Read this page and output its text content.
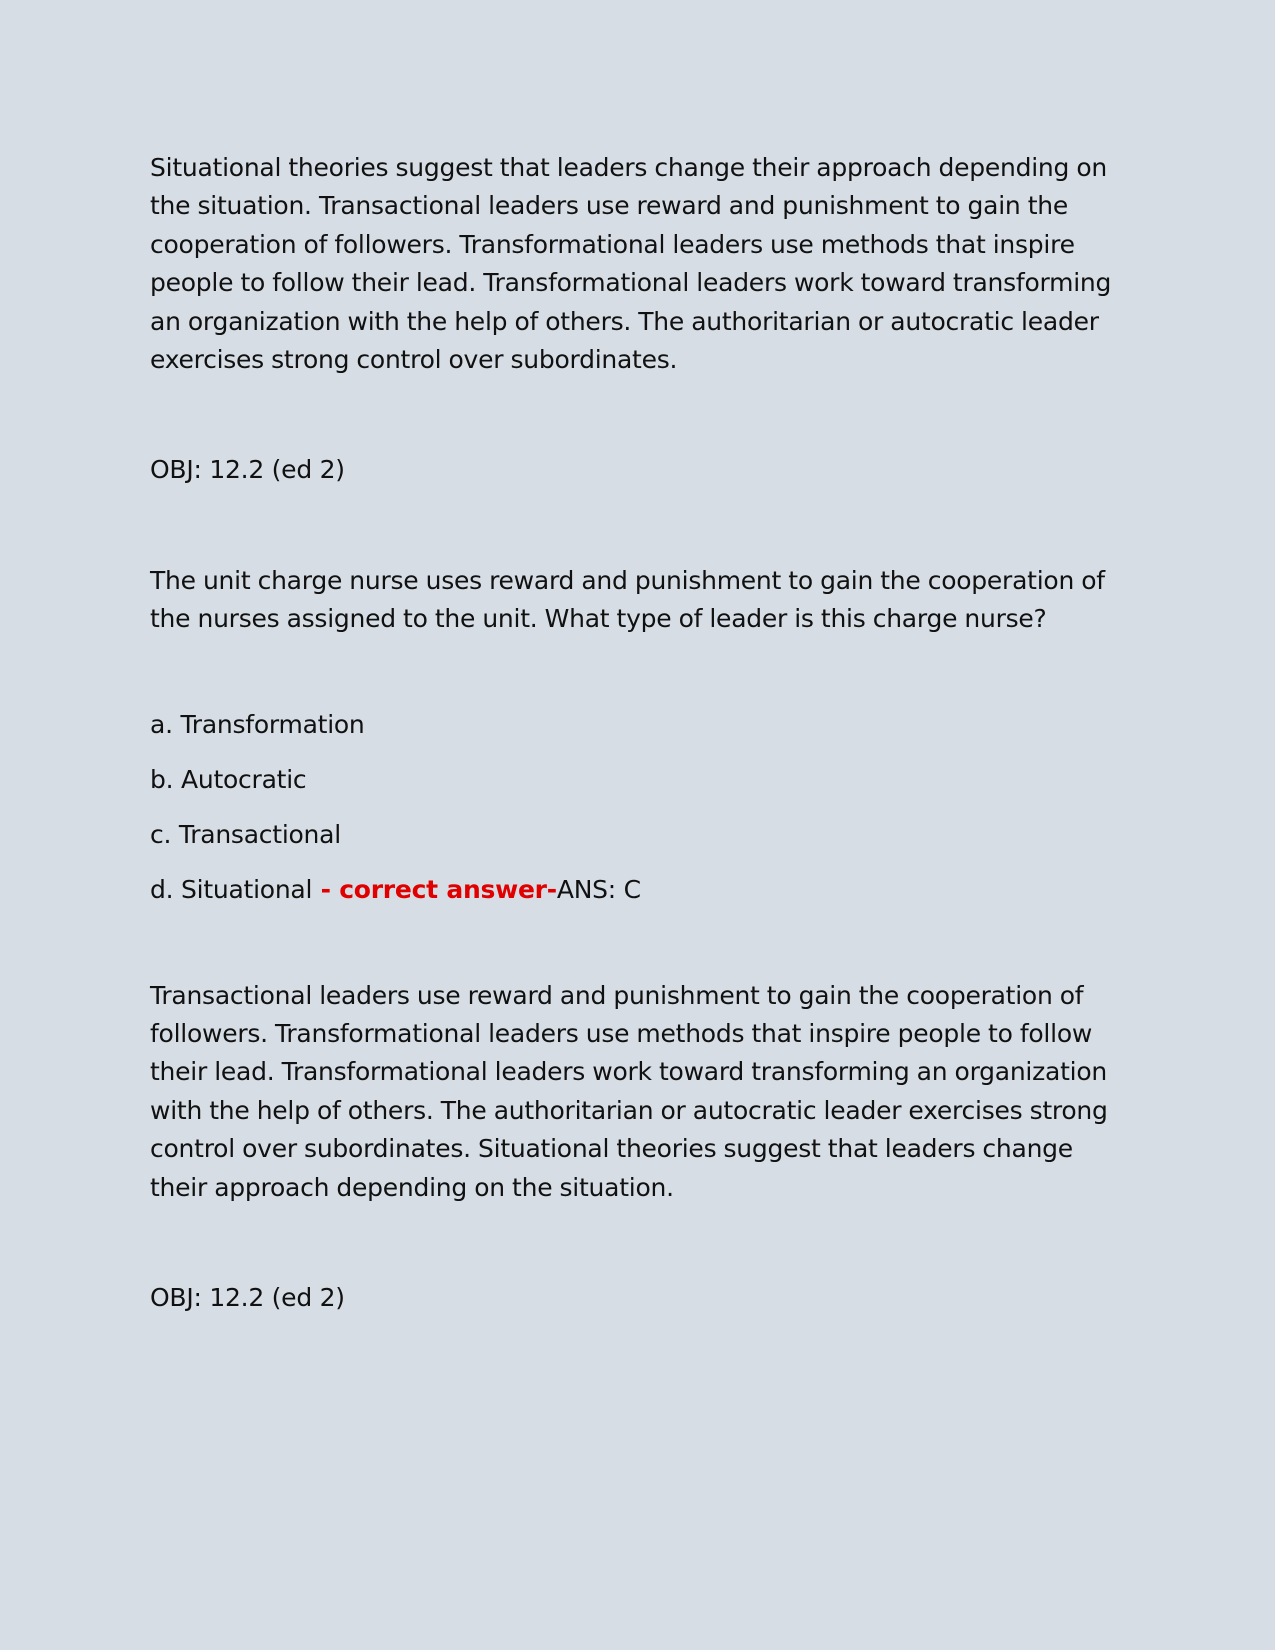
Situational theories suggest that leaders change their approach depending on the situation. Transactional leaders use reward and punishment to gain the cooperation of followers. Transformational leaders use methods that inspire people to follow their lead. Transformational leaders work toward transforming an organization with the help of others. The authoritarian or autocratic leader exercises strong control over subordinates.

OBJ: 12.2 (ed 2)

The unit charge nurse uses reward and punishment to gain the cooperation of the nurses assigned to the unit. What type of leader is this charge nurse?

a. Transformation

b. Autocratic

c. Transactional

d. Situational - correct answer-ANS: C

Transactional leaders use reward and punishment to gain the cooperation of followers. Transformational leaders use methods that inspire people to follow their lead. Transformational leaders work toward transforming an organization with the help of others. The authoritarian or autocratic leader exercises strong control over subordinates. Situational theories suggest that leaders change their approach depending on the situation.

OBJ: 12.2 (ed 2)
